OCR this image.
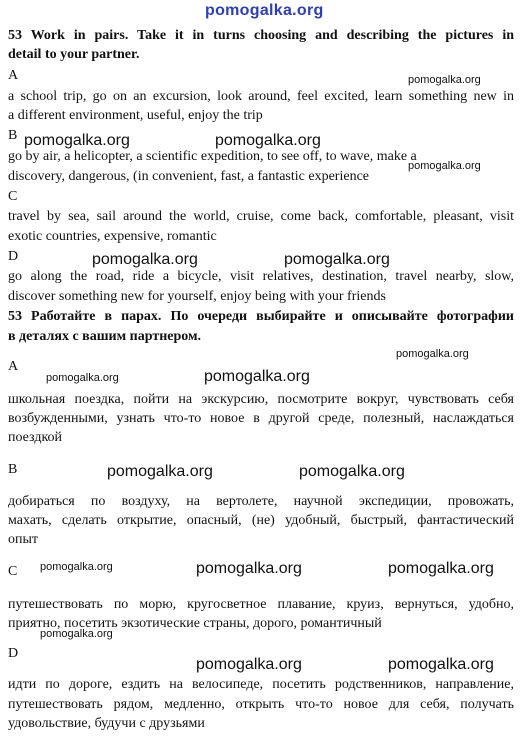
pomogalka.org
53 Work in pairs. Take it in turns choosing and describing the pictures in
detail to your partner.
A
a school trip, go on an excursion, look around, feel excited, learn something new in
a different environment, useful, enjoy the trip
B
go by air, a helicopter, a scientific expedition, to see off, to wave, make a
discovery, dangerous, (in convenient, fast, a fantastic experience
C
travel by sea, sail around the world, cruise, come back, comfortable, pleasant, visit
exotic countries, expensive, romantic
D
go along the road, ride a bicycle, visit relatives, destination, travel nearby, slow,
discover something new for yourself, enjoy being with your friends
53 Работайте в парах. По очереди выбирайте и описывайте фотографии
в деталях с вашим партнером.
A
школьная поездка, пойти на экскурсию, посмотрите вокруг, чувствовать себя
возбужденными, узнать что-то новое в другой среде, полезный, наслаждаться
поездкой
B
добираться по воздуху, на вертолете, научной экспедиции, провожать,
махать, сделать открытие, опасный, (не) удобный, быстрый, фантастический
опыт
C
путешествовать по морю, кругосветное плавание, круиз, вернуться, удобно,
приятно, посетить экзотические страны, дорого, романтичный
D
идти по дороге, ездить на велосипеде, посетить родственников, направление,
путешествовать рядом, медленно, открыть что-то новое для себя, получать
удовольствие, будучи с друзьями
pomogalka.org
pomogalka.org	pomogalka.org
pomogalka.org
pomogalka.org	pomogalka.org
pomogalka.org
pomogalka.org	pomogalka.org
pomogalka.org	pomogalka.org
pomogalka.org	pomogalka.org	pomogalka.org
pomogalka.org
pomogalka.org	pomogalka.org
